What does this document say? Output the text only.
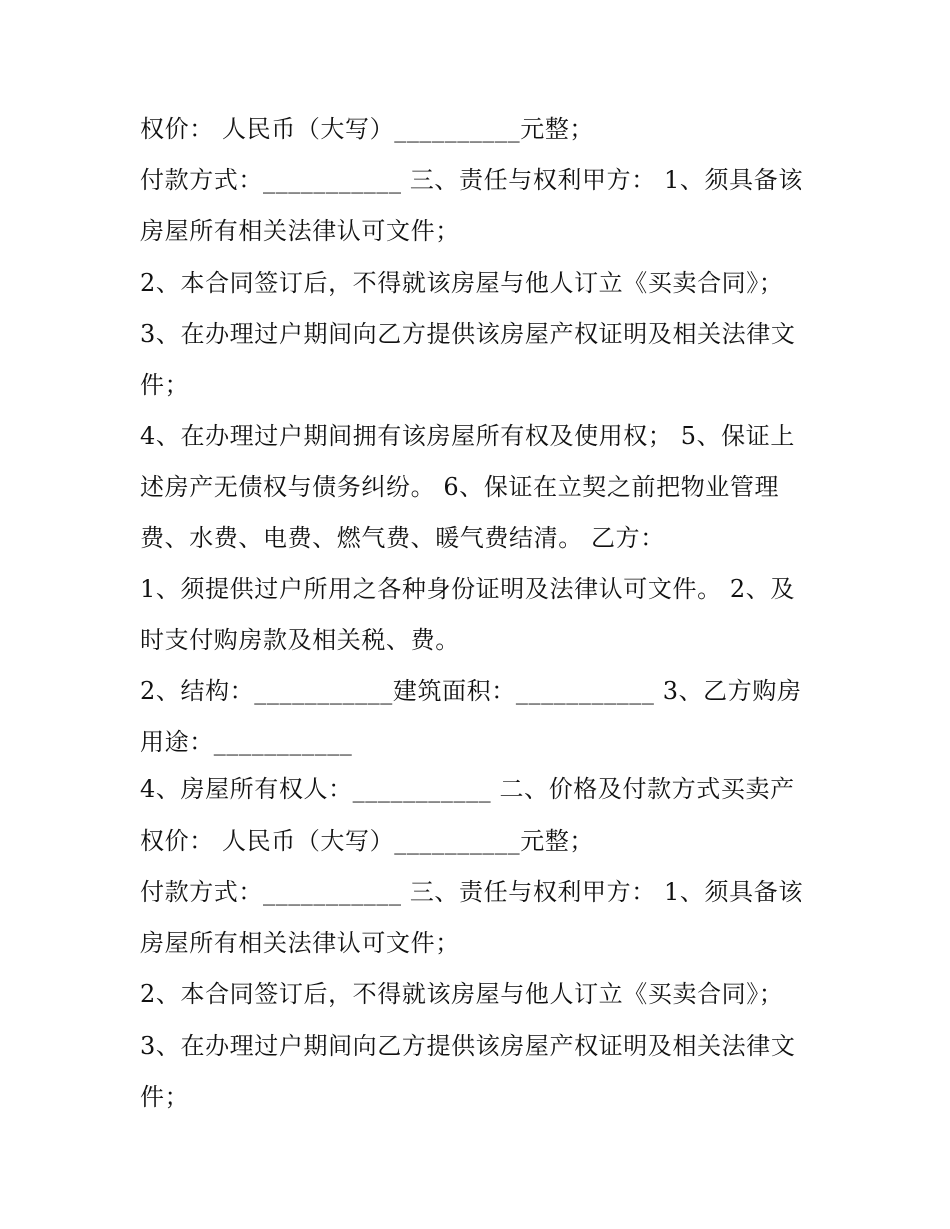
权价： 人民币（大写）__________元整；
付款方式：___________ 三、责任与权利甲方： 1、须具备该
房屋所有相关法律认可文件；
2、本合同签订后，不得就该房屋与他人订立《买卖合同》；
3、在办理过户期间向乙方提供该房屋产权证明及相关法律文
件；
4、在办理过户期间拥有该房屋所有权及使用权； 5、保证上
述房产无债权与债务纠纷。 6、保证在立契之前把物业管理
费、水费、电费、燃气费、暖气费结清。 乙方：
1、须提供过户所用之各种身份证明及法律认可文件。 2、及
时支付购房款及相关税、费。
2、结构：___________建筑面积：___________ 3、乙方购房
用途：___________
4、房屋所有权人：___________ 二、价格及付款方式买卖产
权价： 人民币（大写）__________元整；
付款方式：___________ 三、责任与权利甲方： 1、须具备该
房屋所有相关法律认可文件；
2、本合同签订后，不得就该房屋与他人订立《买卖合同》；
3、在办理过户期间向乙方提供该房屋产权证明及相关法律文
件；
